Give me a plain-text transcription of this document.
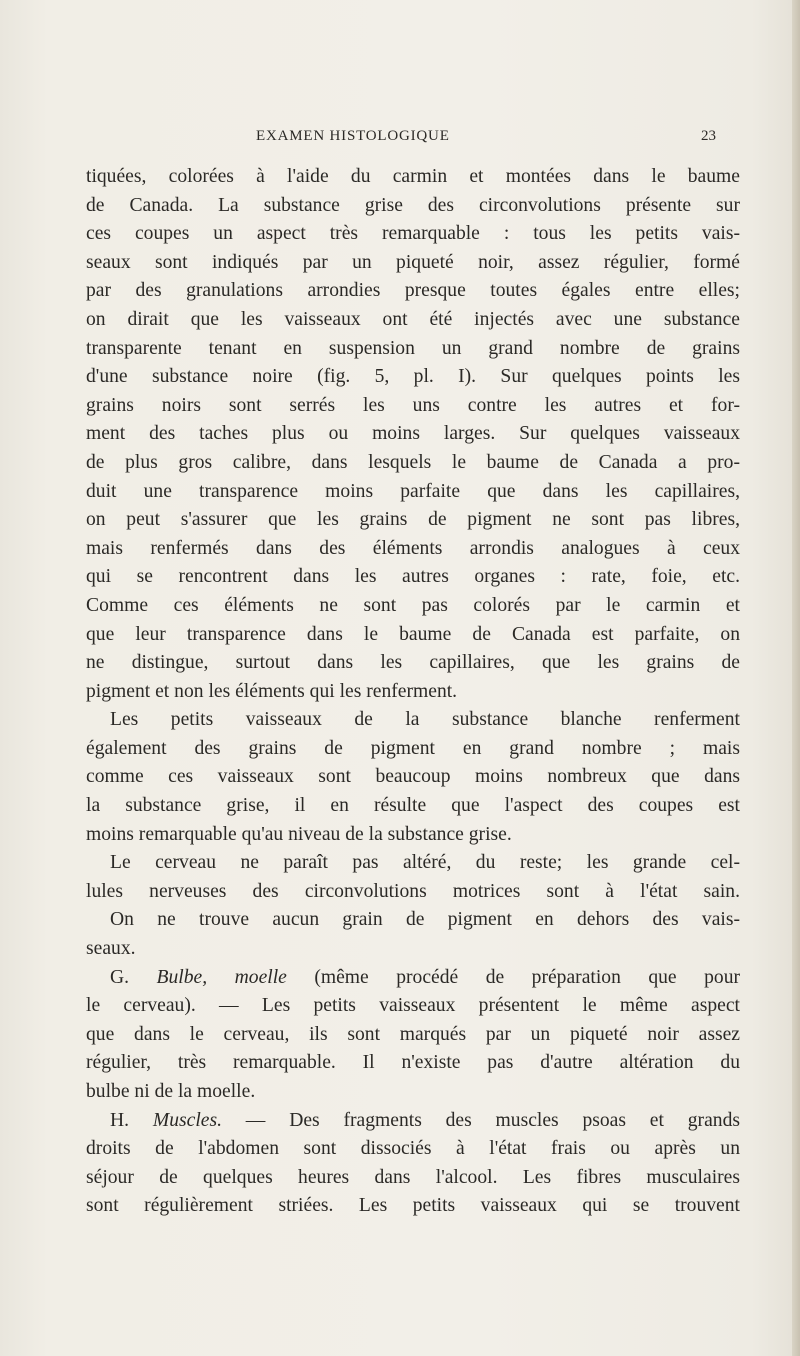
EXAMEN HISTOLOGIQUE	23

tiquées, colorées à l'aide du carmin et montées dans le baume

de Canada. La substance grise des circonvolutions présente sur

ces coupes un aspect très remarquable : tous les petits vais-

seaux sont indiqués par un piqueté noir, assez régulier, formé

par des granulations arrondies presque toutes égales entre elles;

on dirait que les vaisseaux ont été injectés avec une substance

transparente tenant en suspension un grand nombre de grains

d'une substance noire (fig. 5, pl. I). Sur quelques points les

grains noirs sont serrés les uns contre les autres et for-

ment des taches plus ou moins larges. Sur quelques vaisseaux

de plus gros calibre, dans lesquels le baume de Canada a pro-

duit une transparence moins parfaite que dans les capillaires,

on peut s'assurer que les grains de pigment ne sont pas libres,

mais renfermés dans des éléments arrondis analogues à ceux

qui se rencontrent dans les autres organes : rate, foie, etc.

Comme ces éléments ne sont pas colorés par le carmin et

que leur transparence dans le baume de Canada est parfaite, on

ne distingue, surtout dans les capillaires, que les grains de

pigment et non les éléments qui les renferment.

Les petits vaisseaux de la substance blanche renferment

également des grains de pigment en grand nombre ; mais

comme ces vaisseaux sont beaucoup moins nombreux que dans

la substance grise, il en résulte que l'aspect des coupes est

moins remarquable qu'au niveau de la substance grise.

Le cerveau ne paraît pas altéré, du reste; les grande cel-

lules nerveuses des circonvolutions motrices sont à l'état sain.

On ne trouve aucun grain de pigment en dehors des vais-

seaux.

G. Bulbe, moelle (même procédé de préparation que pour

le cerveau). — Les petits vaisseaux présentent le même aspect

que dans le cerveau, ils sont marqués par un piqueté noir assez

régulier, très remarquable. Il n'existe pas d'autre altération du

bulbe ni de la moelle.

H. Muscles. — Des fragments des muscles psoas et grands

droits de l'abdomen sont dissociés à l'état frais ou après un

séjour de quelques heures dans l'alcool. Les fibres musculaires

sont régulièrement striées. Les petits vaisseaux qui se trouvent
